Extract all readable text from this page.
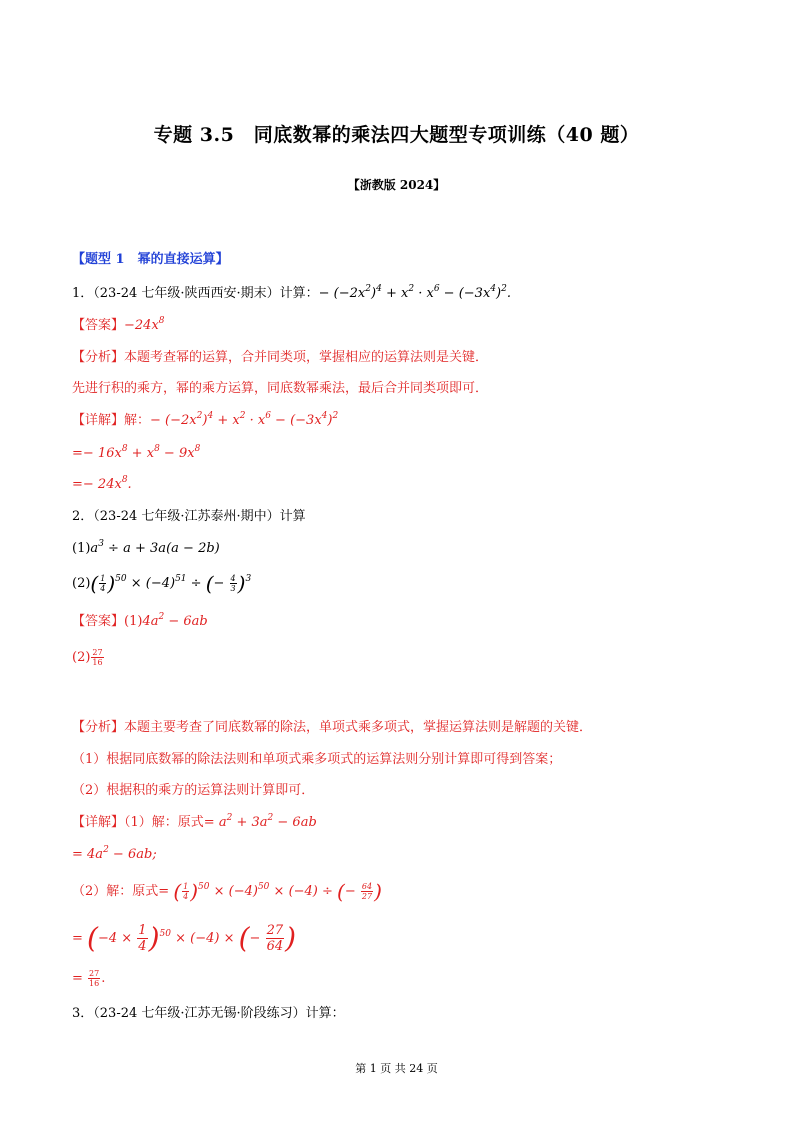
专题 3.5　同底数幂的乘法四大题型专项训练（40 题）
【浙教版 2024】
【题型 1　幂的直接运算】
1．（23-24 七年级·陕西西安·期末）计算：− $(-2x^2)^4 + x^2 \cdot x^6 - (-3x^4)^2$.
【答案】$-24x^8$
【分析】本题考查幂的运算，合并同类项，掌握相应的运算法则是关键．
先进行积的乘方，幂的乘方运算，同底数幂乘法，最后合并同类项即可．
【详解】解：− $(-2x^2)^4 + x^2 \cdot x^6 - (-3x^4)^2$
=− $16x^8 + x^8 - 9x^8$
=− $24x^8$.
2．（23-24 七年级·江苏泰州·期中）计算
$(1)a^3 \div a + 3a(a - 2b)$
$(2)( \frac{1}{4} )^{50} \times (-4)^{51}$ ÷ (− $\frac{4}{3} )^3$
【答案】$(1)4a^2 - 6ab$
$(2) \frac{27}{16}$
【分析】本题主要考查了同底数幂的除法，单项式乘多项式，掌握运算法则是解题的关键．
（1）根据同底数幂的除法法则和单项式乘多项式的运算法则分别计算即可得到答案；
（2）根据积的乘方的运算法则计算即可．
【详解】（1）解：原式= $a^2 + 3a^2 - 6ab$
= $4a^2 - 6ab$;
（2）解：原式= ( $\frac{1}{4} )^{50} \times (-4)^{50} \times (-4)$ ÷ (− $\frac{64}{27}$ )
= $(-4 \times \frac{1}{4} )^{50} \times (-4)$ × (− $\frac{27}{64}$ )
= $\frac{27}{16}$ .
3．（23-24 七年级·江苏无锡·阶段练习）计算：
第 1 页 共 24 页
